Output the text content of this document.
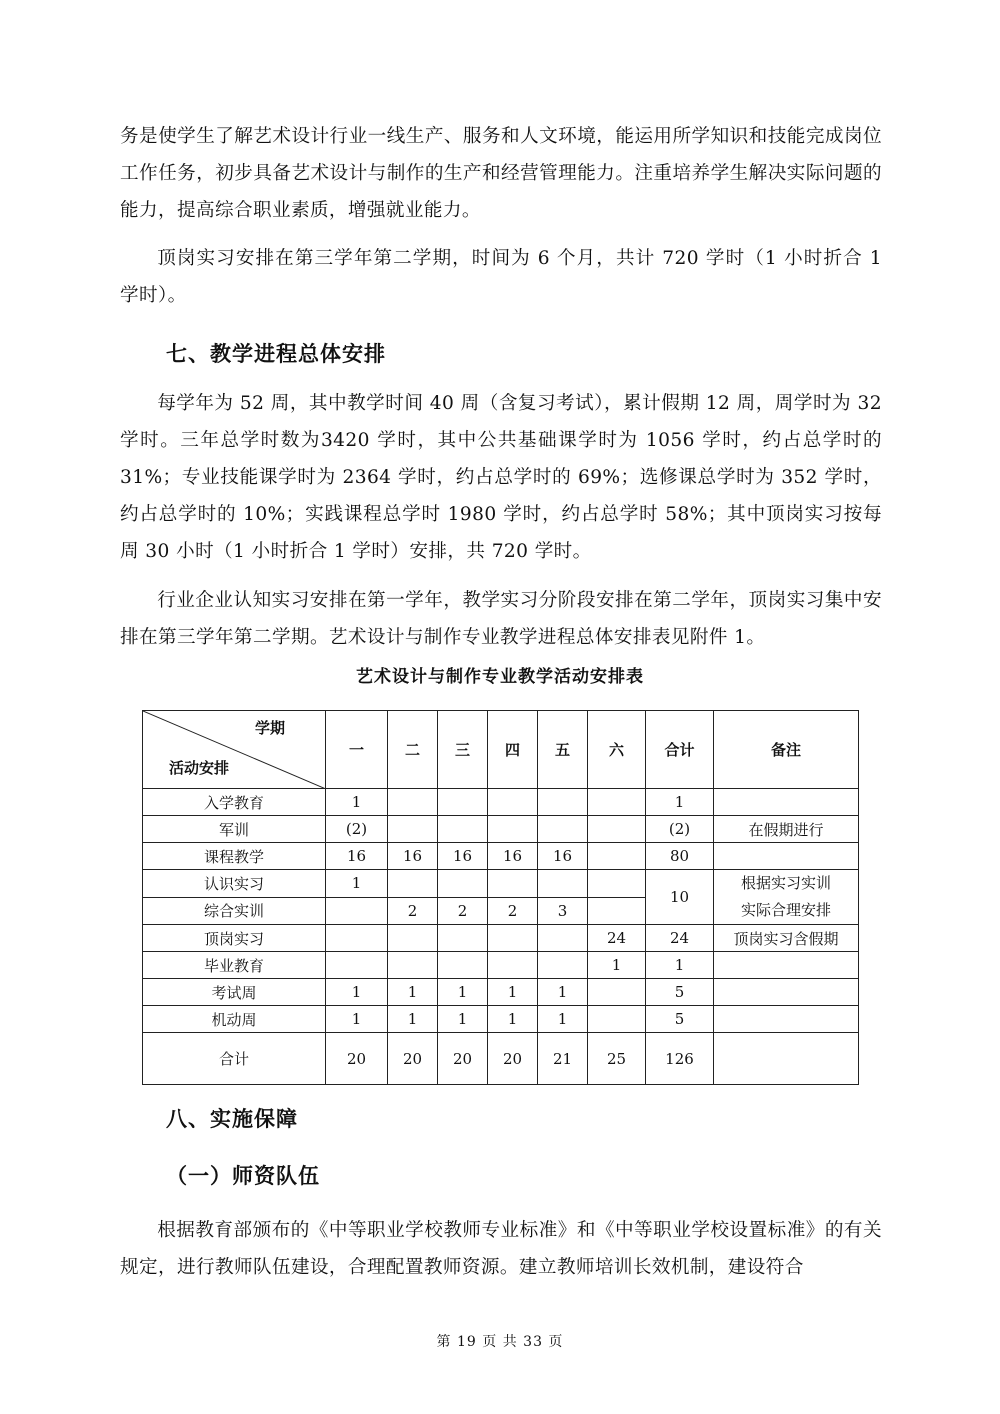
务是使学生了解艺术设计行业一线生产、服务和人文环境，能运用所学知识和技能完成岗位工作任务，初步具备艺术设计与制作的生产和经营管理能力。注重培养学生解决实际问题的能力，提高综合职业素质，增强就业能力。

顶岗实习安排在第三学年第二学期，时间为 6 个月，共计 720 学时（1 小时折合 1 学时）。

七、教学进程总体安排

每学年为 52 周，其中教学时间 40 周（含复习考试），累计假期 12 周，周学时为 32 学时。三年总学时数为3420 学时，其中公共基础课学时为 1056 学时，约占总学时的 31%；专业技能课学时为 2364 学时，约占总学时的 69%；选修课总学时为 352 学时，约占总学时的 10%；实践课程总学时 1980 学时，约占总学时 58%；其中顶岗实习按每周 30 小时（1 小时折合 1 学时）安排，共 720 学时。

行业企业认知实习安排在第一学年，教学实习分阶段安排在第二学年，顶岗实习集中安排在第三学年第二学期。艺术设计与制作专业教学进程总体安排表见附件 1。

艺术设计与制作专业教学活动安排表
学期
活动安排	一	二	三	四	五	六	合计	备注
入学教育	1						1	
军训	(2)						(2)	在假期进行
课程教学	16	16	16	16	16		80	
认识实习	1						10	根据实习实训
实际合理安排

综合实训		2	2	2	3			
顶岗实习						24	24	顶岗实习含假期
毕业教育						1	1	
考试周	1	1	1	1	1		5	
机动周	1	1	1	1	1		5	
合计	20	20	20	20	21	25	126	
八、实施保障
（一）师资队伍

根据教育部颁布的《中等职业学校教师专业标准》和《中等职业学校设置标准》的有关规定，进行教师队伍建设，合理配置教师资源。建立教师培训长效机制，建设符合

第 19 页 共 33 页
